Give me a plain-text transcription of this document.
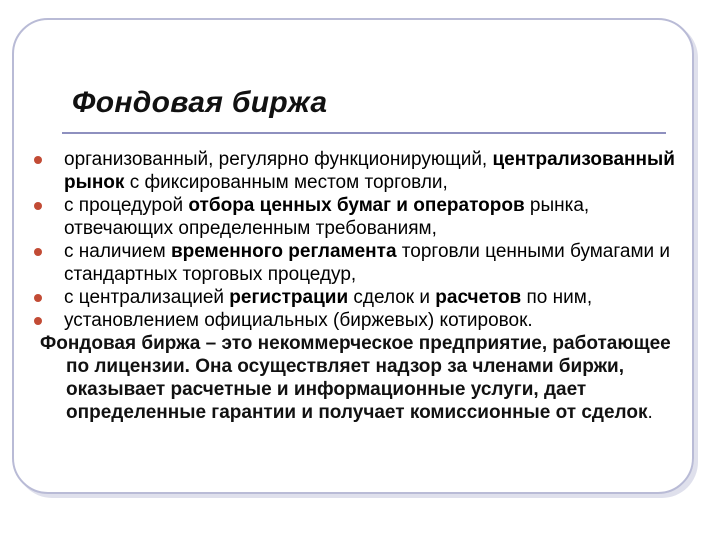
Фондовая биржа

организованный, регулярно функционирующий, централизованный рынок с фиксированным местом торговли,

с процедурой отбора ценных бумаг и операторов рынка, отвечающих определенным требованиям,

с наличием временного регламента торговли ценными бумагами и стандартных торговых процедур,

с централизацией регистрации сделок и расчетов по ним,

установлением официальных (биржевых) котировок.

Фондовая биржа – это некоммерческое предприятие, работающее по лицензии. Она осуществляет надзор за членами биржи, оказывает расчетные и информационные услуги, дает определенные гарантии и получает комиссионные от сделок.
